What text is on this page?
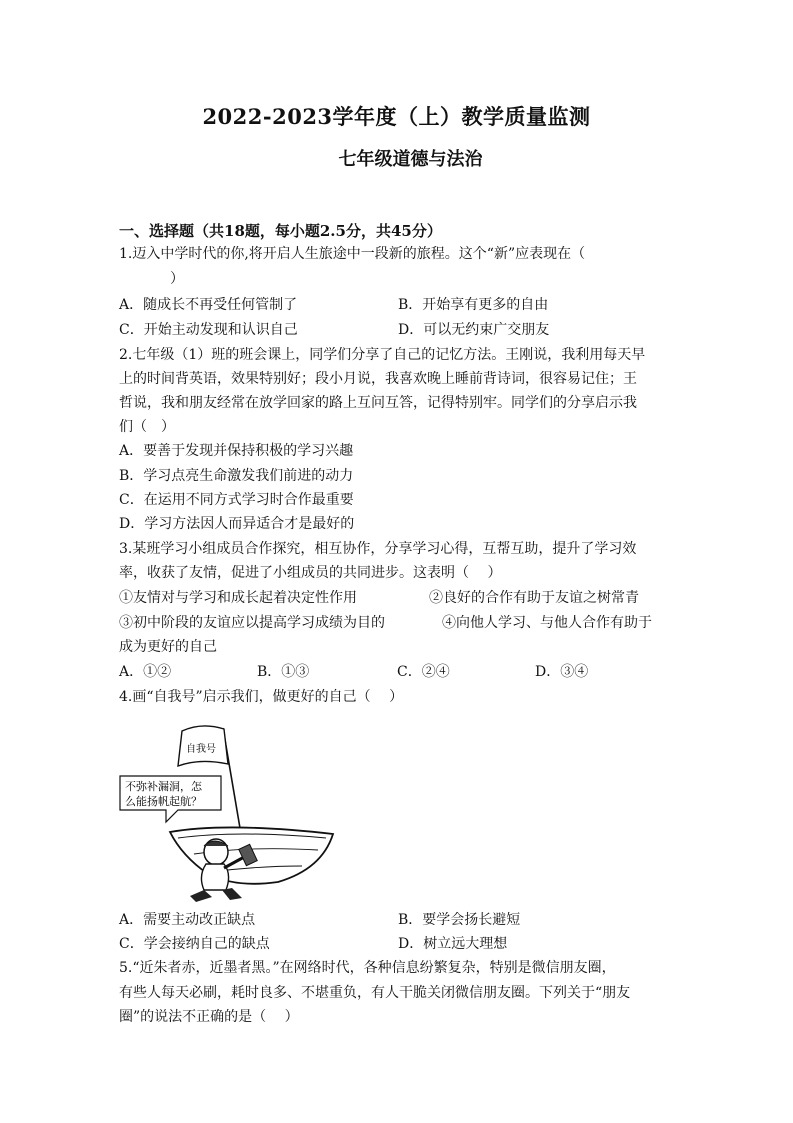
2022-2023学年度（上）教学质量监测
七年级道德与法治
一、选择题（共18题，每小题2.5分，共45分）
1.迈入中学时代的你,将开启人生旅途中一段新的旅程。这个“新”应表现在（
）
A．随成长不再受任何管制了	B．开始享有更多的自由
C．开始主动发现和认识自己	D．可以无约束广交朋友
2.七年级（1）班的班会课上，同学们分享了自己的记忆方法。王刚说，我利用每天早
上的时间背英语，效果特别好；段小月说，我喜欢晚上睡前背诗词，很容易记住；王
哲说，我和朋友经常在放学回家的路上互问互答，记得特别牢。同学们的分享启示我
们（　）
A．要善于发现并保持积极的学习兴趣
B．学习点亮生命激发我们前进的动力
C．在运用不同方式学习时合作最重要
D．学习方法因人而异适合才是最好的
3.某班学习小组成员合作探究，相互协作，分享学习心得，互帮互助，提升了学习效
率，收获了友情，促进了小组成员的共同进步。这表明（　 ）
①友情对与学习和成长起着决定性作用	②良好的合作有助于友谊之树常青
③初中阶段的友谊应以提高学习成绩为目的	④向他人学习、与他人合作有助于
成为更好的自己
A．①②	B．①③	C．②④	D．③④
4.画“自我号”启示我们，做更好的自己（　 ）
自我号
不弥补漏洞，怎
么能扬帆起航？
A．需要主动改正缺点	B．要学会扬长避短
C．学会接纳自己的缺点	D．树立远大理想
5.“近朱者赤，近墨者黑。”在网络时代，各种信息纷繁复杂，特别是微信朋友圈，
有些人每天必刷，耗时良多、不堪重负，有人干脆关闭微信朋友圈。下列关于“朋友
圈”的说法不正确的是（　 ）
